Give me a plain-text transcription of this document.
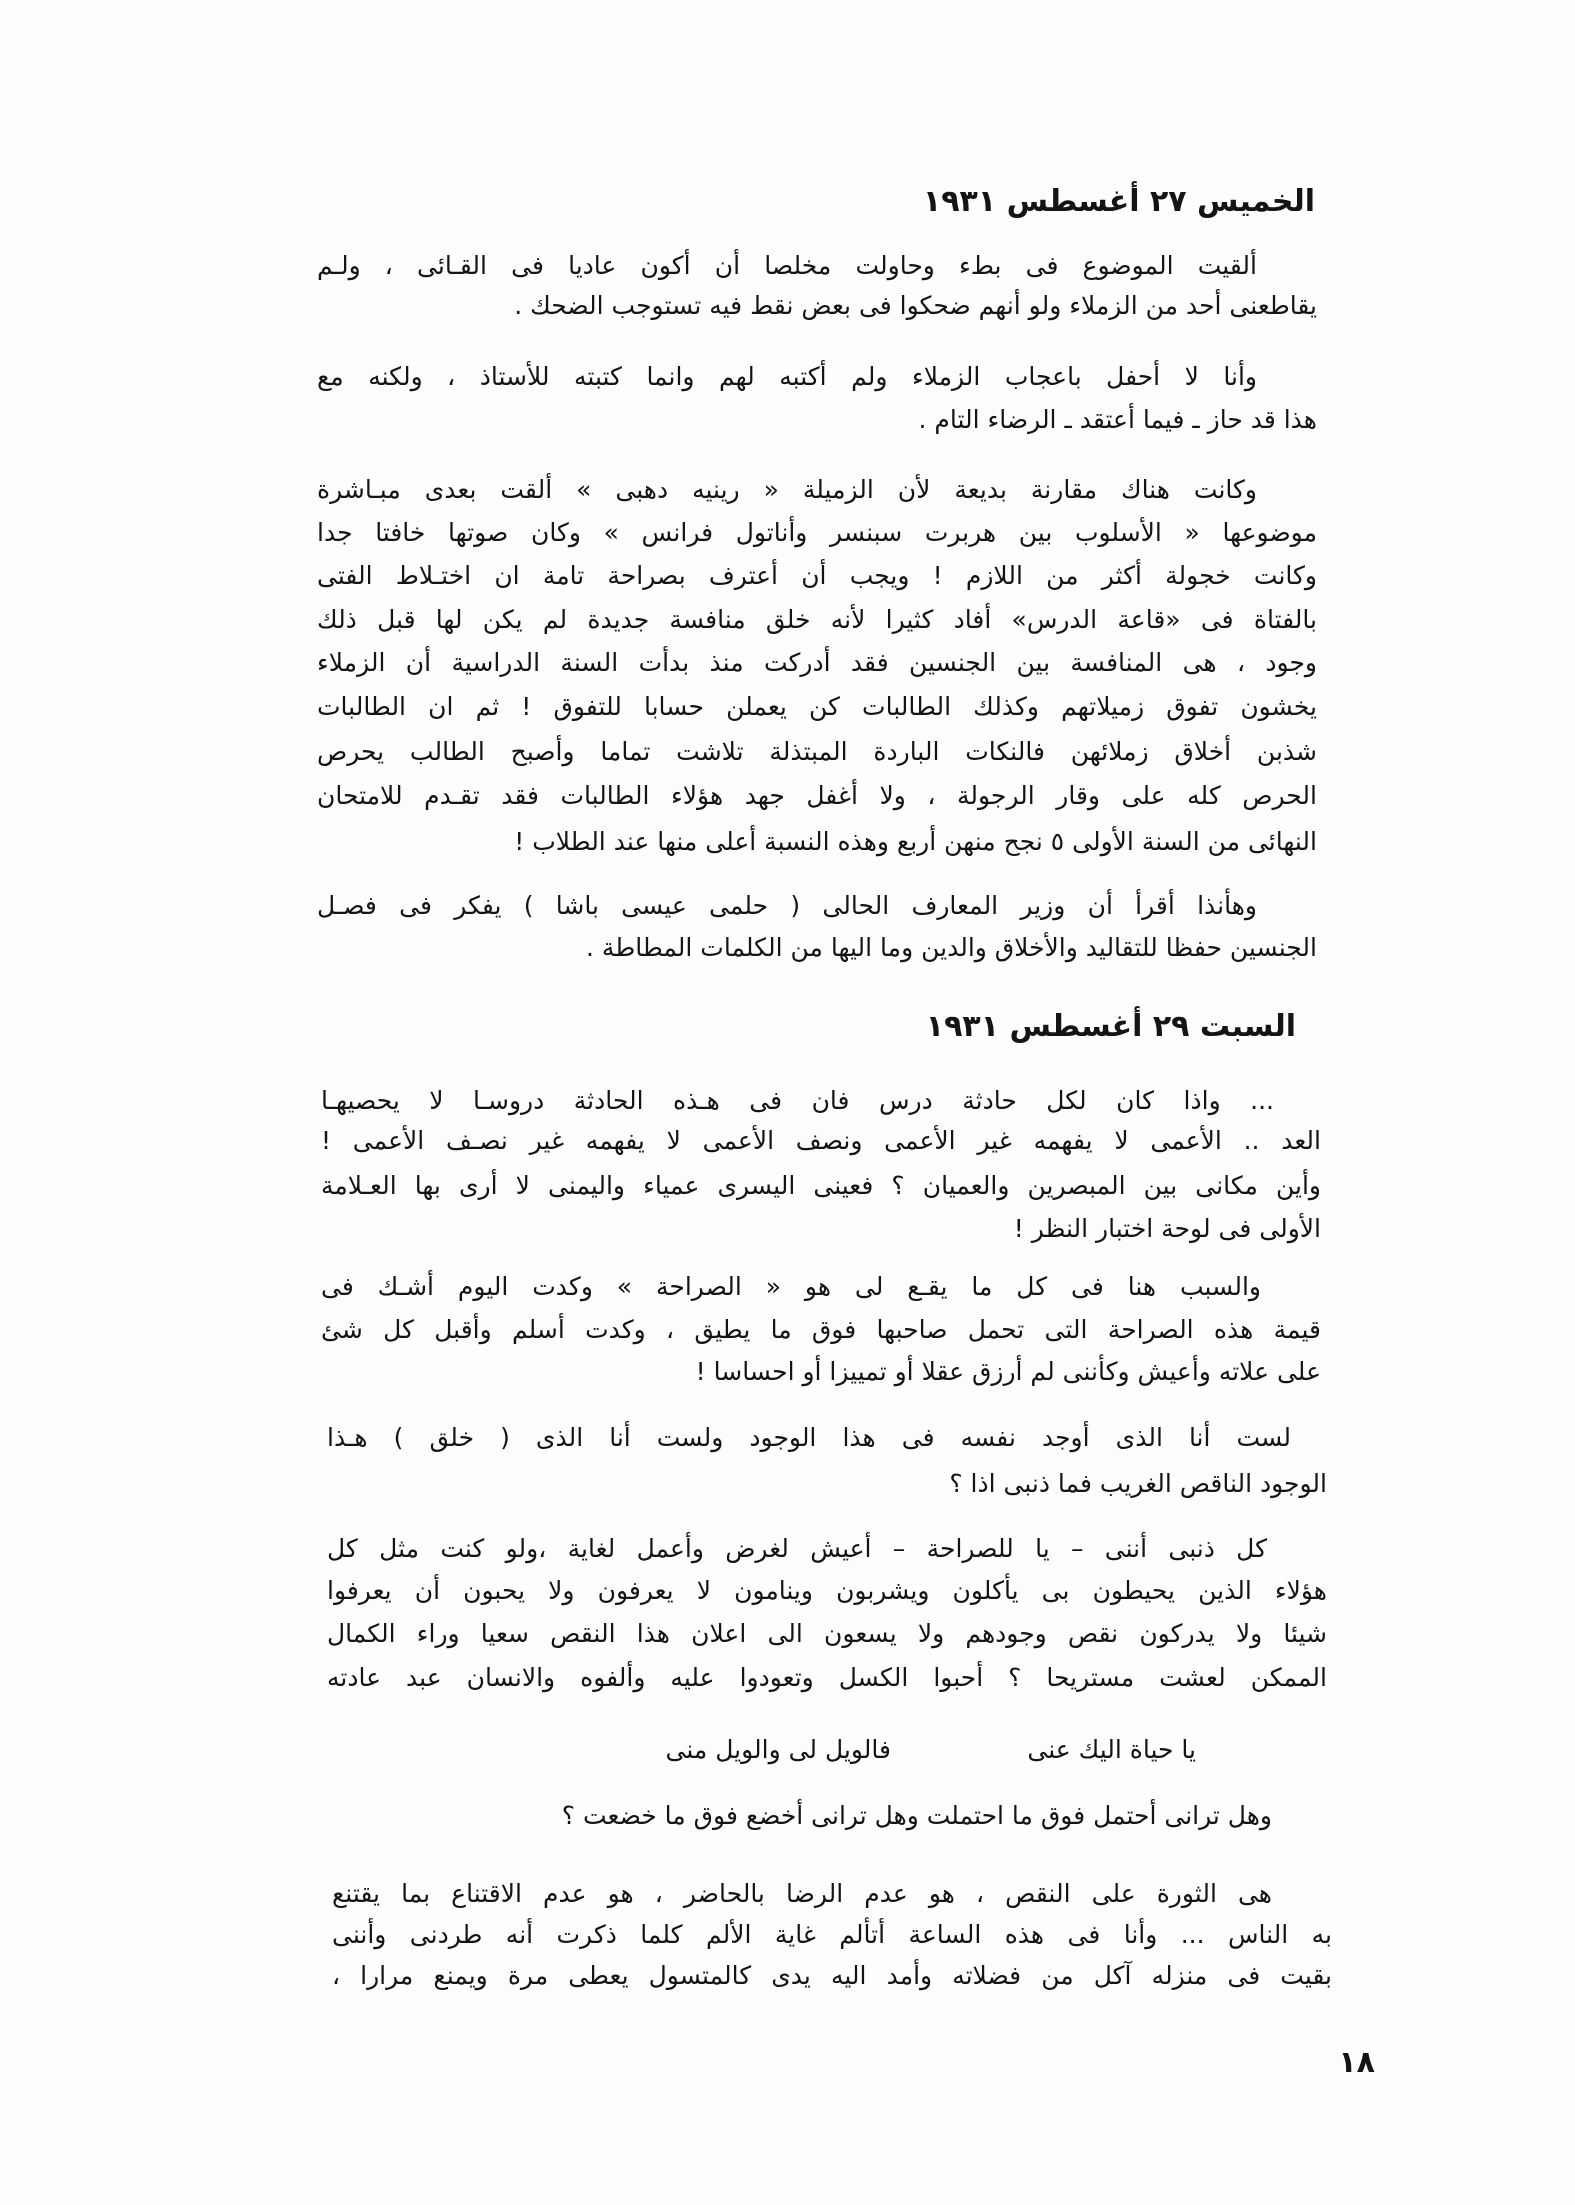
الخميس ٢٧ أغسطس ١٩٣١
ألقيت الموضوع فى بطء وحاولت مخلصا أن أكون عاديا فى القـائى ، ولـم
يقاطعنى أحد من الزملاء ولو أنهم ضحكوا فى بعض نقط فيه تستوجب الضحك .
وأنا لا أحفل باعجاب الزملاء ولم أكتبه لهم وانما كتبته للأستاذ ، ولكنه مع
هذا قد حاز ـ فيما أعتقد ـ الرضاء التام .
وكانت هناك مقارنة بديعة لأن الزميلة « رينيه دهبى » ألقت بعدى مبـاشرة
موضوعها « الأسلوب بين هربرت سبنسر وأناتول فرانس » وكان صوتها خافتا جدا
وكانت خجولة أكثر من اللازم ! ويجب أن أعترف بصراحة تامة ان اختـلاط الفتى
بالفتاة فى «قاعة الدرس» أفاد كثيرا لأنه خلق منافسة جديدة لم يكن لها قبل ذلك
وجود ، هى المنافسة بين الجنسين فقد أدركت منذ بدأت السنة الدراسية أن الزملاء
يخشون تفوق زميلاتهم وكذلك الطالبات كن يعملن حسابا للتفوق ! ثم ان الطالبات
شذبن أخلاق زملائهن فالنكات الباردة المبتذلة تلاشت تماما وأصبح الطالب يحرص
الحرص كله على وقار الرجولة ، ولا أغفل جهد هؤلاء الطالبات فقد تقـدم للامتحان
النهائى من السنة الأولى ٥ نجح منهن أربع وهذه النسبة أعلى منها عند الطلاب !
وهأنذا أقرأ أن وزير المعارف الحالى ( حلمى عيسى باشا ) يفكر فى فصـل
الجنسين حفظا للتقاليد والأخلاق والدين وما اليها من الكلمات المطاطة .
السبت ٢٩ أغسطس ١٩٣١
... واذا كان لكل حادثة درس فان فى هـذه الحادثة دروسـا لا يحصيهـا
العد .. الأعمى لا يفهمه غير الأعمى ونصف الأعمى لا يفهمه غير نصـف الأعمى !
وأين مكانى بين المبصرين والعميان ؟ فعينى اليسرى عمياء واليمنى لا أرى بها العـلامة
الأولى فى لوحة اختبار النظر !
والسبب هنا فى كل ما يقـع لى هو « الصراحة » وكدت اليوم أشـك فى
قيمة هذه الصراحة التى تحمل صاحبها فوق ما يطيق ، وكدت أسلم وأقبل كل شئ
على علاته وأعيش وكأننى لم أرزق عقلا أو تمييزا أو احساسا !
لست أنا الذى أوجد نفسه فى هذا الوجود ولست أنا الذى ( خلق ) هـذا
الوجود الناقص الغريب فما ذنبى اذا ؟
كل ذنبى أننى – يا للصراحة – أعيش لغرض وأعمل لغاية ،ولو كنت مثل كل
هؤلاء الذين يحيطون بى يأكلون ويشربون وينامون لا يعرفون ولا يحبون أن يعرفوا
شيئا ولا يدركون نقص وجودهم ولا يسعون الى اعلان هذا النقص سعيا وراء الكمال
الممكن لعشت مستريحا ؟ أحبوا الكسل وتعودوا عليه وألفوه والانسان عبد عادته
يا حياة اليك عنى
فالويل لى والويل منى
وهل ترانى أحتمل فوق ما احتملت وهل ترانى أخضع فوق ما خضعت ؟
هى الثورة على النقص ، هو عدم الرضا بالحاضر ، هو عدم الاقتناع بما يقتنع
به الناس ... وأنا فى هذه الساعة أتألم غاية الألم كلما ذكرت أنه طردنى وأننى
بقيت فى منزله آكل من فضلاته وأمد اليه يدى كالمتسول يعطى مرة ويمنع مرارا ،
١٨
